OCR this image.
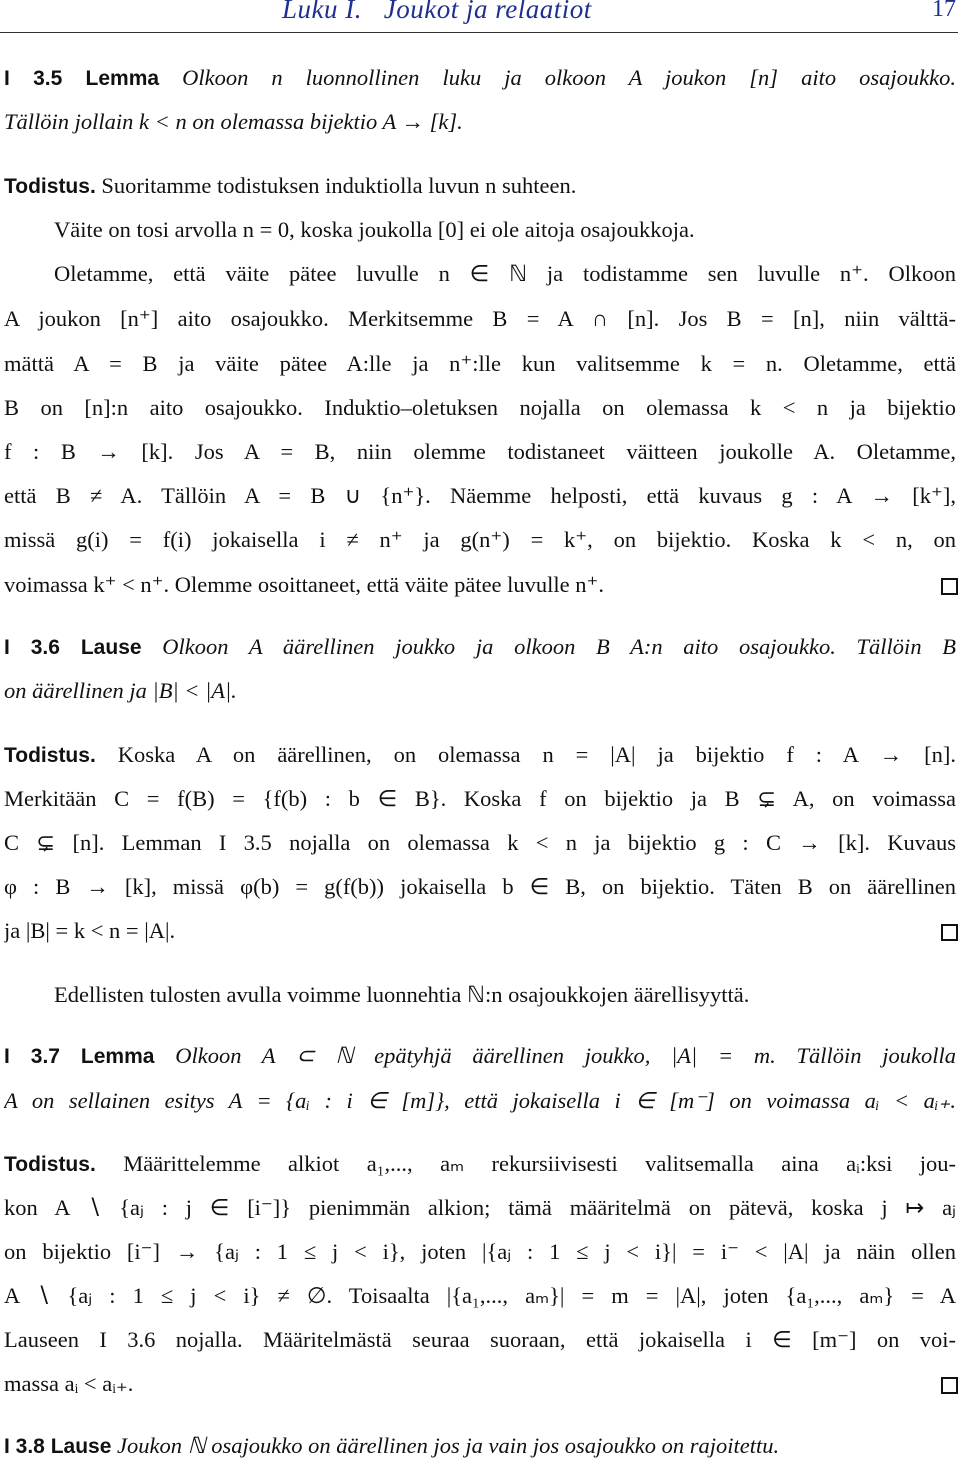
Luku I.   Joukot ja relaatiot	17
I 3.5 Lemma Olkoon n luonnollinen luku ja olkoon A joukon [n] aito osajoukko.
Tällöin jollain k < n on olemassa bijektio A → [k].
Todistus. Suoritamme todistuksen induktiolla luvun n suhteen.
Väite on tosi arvolla n = 0, koska joukolla [0] ei ole aitoja osajoukkoja.
Oletamme, että väite pätee luvulle n ∈ ℕ ja todistamme sen luvulle n⁺. Olkoon
A joukon [n⁺] aito osajoukko. Merkitsemme B = A ∩ [n]. Jos B = [n], niin välttä-
mättä A = B ja väite pätee A:lle ja n⁺:lle kun valitsemme k = n. Oletamme, että
B on [n]:n aito osajoukko. Induktio–oletuksen nojalla on olemassa k < n ja bijektio
f : B → [k]. Jos A = B, niin olemme todistaneet väitteen joukolle A. Oletamme,
että B ≠ A. Tällöin A = B ∪ {n⁺}. Näemme helposti, että kuvaus g : A → [k⁺],
missä g(i) = f(i) jokaisella i ≠ n⁺ ja g(n⁺) = k⁺, on bijektio. Koska k < n, on
voimassa k⁺ < n⁺. Olemme osoittaneet, että väite pätee luvulle n⁺.
I 3.6 Lause Olkoon A äärellinen joukko ja olkoon B A:n aito osajoukko. Tällöin B
on äärellinen ja |B| < |A|.
Todistus. Koska A on äärellinen, on olemassa n = |A| ja bijektio f : A → [n].
Merkitään C = f(B) = {f(b) : b ∈ B}. Koska f on bijektio ja B ⊊ A, on voimassa
C ⊊ [n]. Lemman I 3.5 nojalla on olemassa k < n ja bijektio g : C → [k]. Kuvaus
φ : B → [k], missä φ(b) = g(f(b)) jokaisella b ∈ B, on bijektio. Täten B on äärellinen
ja |B| = k < n = |A|.
Edellisten tulosten avulla voimme luonnehtia ℕ:n osajoukkojen äärellisyyttä.
I 3.7 Lemma Olkoon A ⊂ ℕ epätyhjä äärellinen joukko, |A| = m. Tällöin joukolla
A on sellainen esitys A = {aᵢ : i ∈ [m]}, että jokaisella i ∈ [m⁻] on voimassa aᵢ < aᵢ₊.
Todistus. Määrittelemme alkiot a₁,..., aₘ rekursiivisesti valitsemalla aina aᵢ:ksi jou-
kon A ∖ {aⱼ : j ∈ [i⁻]} pienimmän alkion; tämä määritelmä on pätevä, koska j ↦ aⱼ
on bijektio [i⁻] → {aⱼ : 1 ≤ j < i}, joten |{aⱼ : 1 ≤ j < i}| = i⁻ < |A| ja näin ollen
A ∖ {aⱼ : 1 ≤ j < i} ≠ ∅. Toisaalta |{a₁,..., aₘ}| = m = |A|, joten {a₁,..., aₘ} = A
Lauseen I 3.6 nojalla. Määritelmästä seuraa suoraan, että jokaisella i ∈ [m⁻] on voi-
massa aᵢ < aᵢ₊.
I 3.8 Lause Joukon ℕ osajoukko on äärellinen jos ja vain jos osajoukko on rajoitettu.
